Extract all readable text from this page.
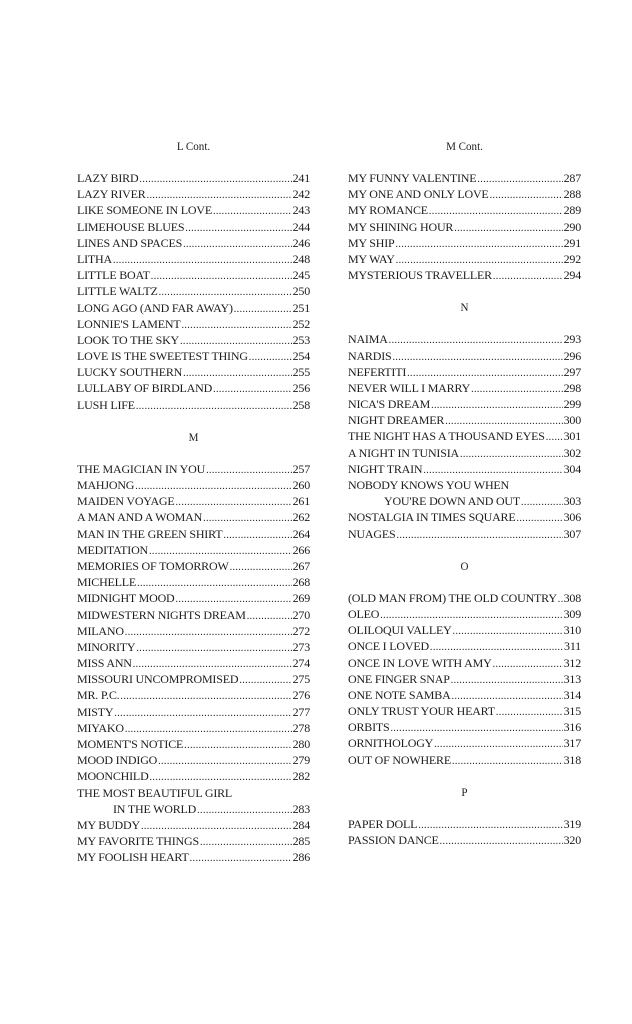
L Cont.
LAZY BIRD .....	241
LAZY RIVER .....	242
LIKE SOMEONE IN LOVE .....	243
LIMEHOUSE BLUES .....	244
LINES AND SPACES .....	246
LITHA .....	248
LITTLE BOAT .....	245
LITTLE WALTZ .....	250
LONG AGO (AND FAR AWAY) .....	251
LONNIE'S LAMENT .....	252
LOOK TO THE SKY .....	253
LOVE IS THE SWEETEST THING .....	254
LUCKY SOUTHERN .....	255
LULLABY OF BIRDLAND .....	256
LUSH LIFE .....	258
M
THE MAGICIAN IN YOU .....	257
MAHJONG .....	260
MAIDEN VOYAGE .....	261
A MAN AND A WOMAN .....	262
MAN IN THE GREEN SHIRT .....	264
MEDITATION .....	266
MEMORIES OF TOMORROW .....	267
MICHELLE .....	268
MIDNIGHT MOOD .....	269
MIDWESTERN NIGHTS DREAM .....	270
MILANO .....	272
MINORITY .....	273
MISS ANN .....	274
MISSOURI UNCOMPROMISED .....	275
MR. P.C. .....	276
MISTY .....	277
MIYAKO .....	278
MOMENT'S NOTICE .....	280
MOOD INDIGO .....	279
MOONCHILD .....	282
THE MOST BEAUTIFUL GIRL
IN THE WORLD .....	283
MY BUDDY .....	284
MY FAVORITE THINGS .....	285
MY FOOLISH HEART .....	286
M Cont.
MY FUNNY VALENTINE .....	287
MY ONE AND ONLY LOVE .....	288
MY ROMANCE .....	289
MY SHINING HOUR .....	290
MY SHIP .....	291
MY WAY .....	292
MYSTERIOUS TRAVELLER .....	294
N
NAIMA .....	293
NARDIS .....	296
NEFERTITI .....	297
NEVER WILL I MARRY .....	298
NICA'S DREAM .....	299
NIGHT DREAMER .....	300
THE NIGHT HAS A THOUSAND EYES ..... 301
A NIGHT IN TUNISIA .....	302
NIGHT TRAIN .....	304
NOBODY KNOWS YOU WHEN
YOU'RE DOWN AND OUT .....	303
NOSTALGIA IN TIMES SQUARE .....	306
NUAGES .....	307
O
(OLD MAN FROM) THE OLD COUNTRY ..... 308
OLEO .....	309
OLILOQUI VALLEY .....	310
ONCE I LOVED .....	311
ONCE IN LOVE WITH AMY .....	312
ONE FINGER SNAP .....	313
ONE NOTE SAMBA .....	314
ONLY TRUST YOUR HEART .....	315
ORBITS .....	316
ORNITHOLOGY .....	317
OUT OF NOWHERE .....	318
P
PAPER DOLL .....	319
PASSION DANCE .....	320
